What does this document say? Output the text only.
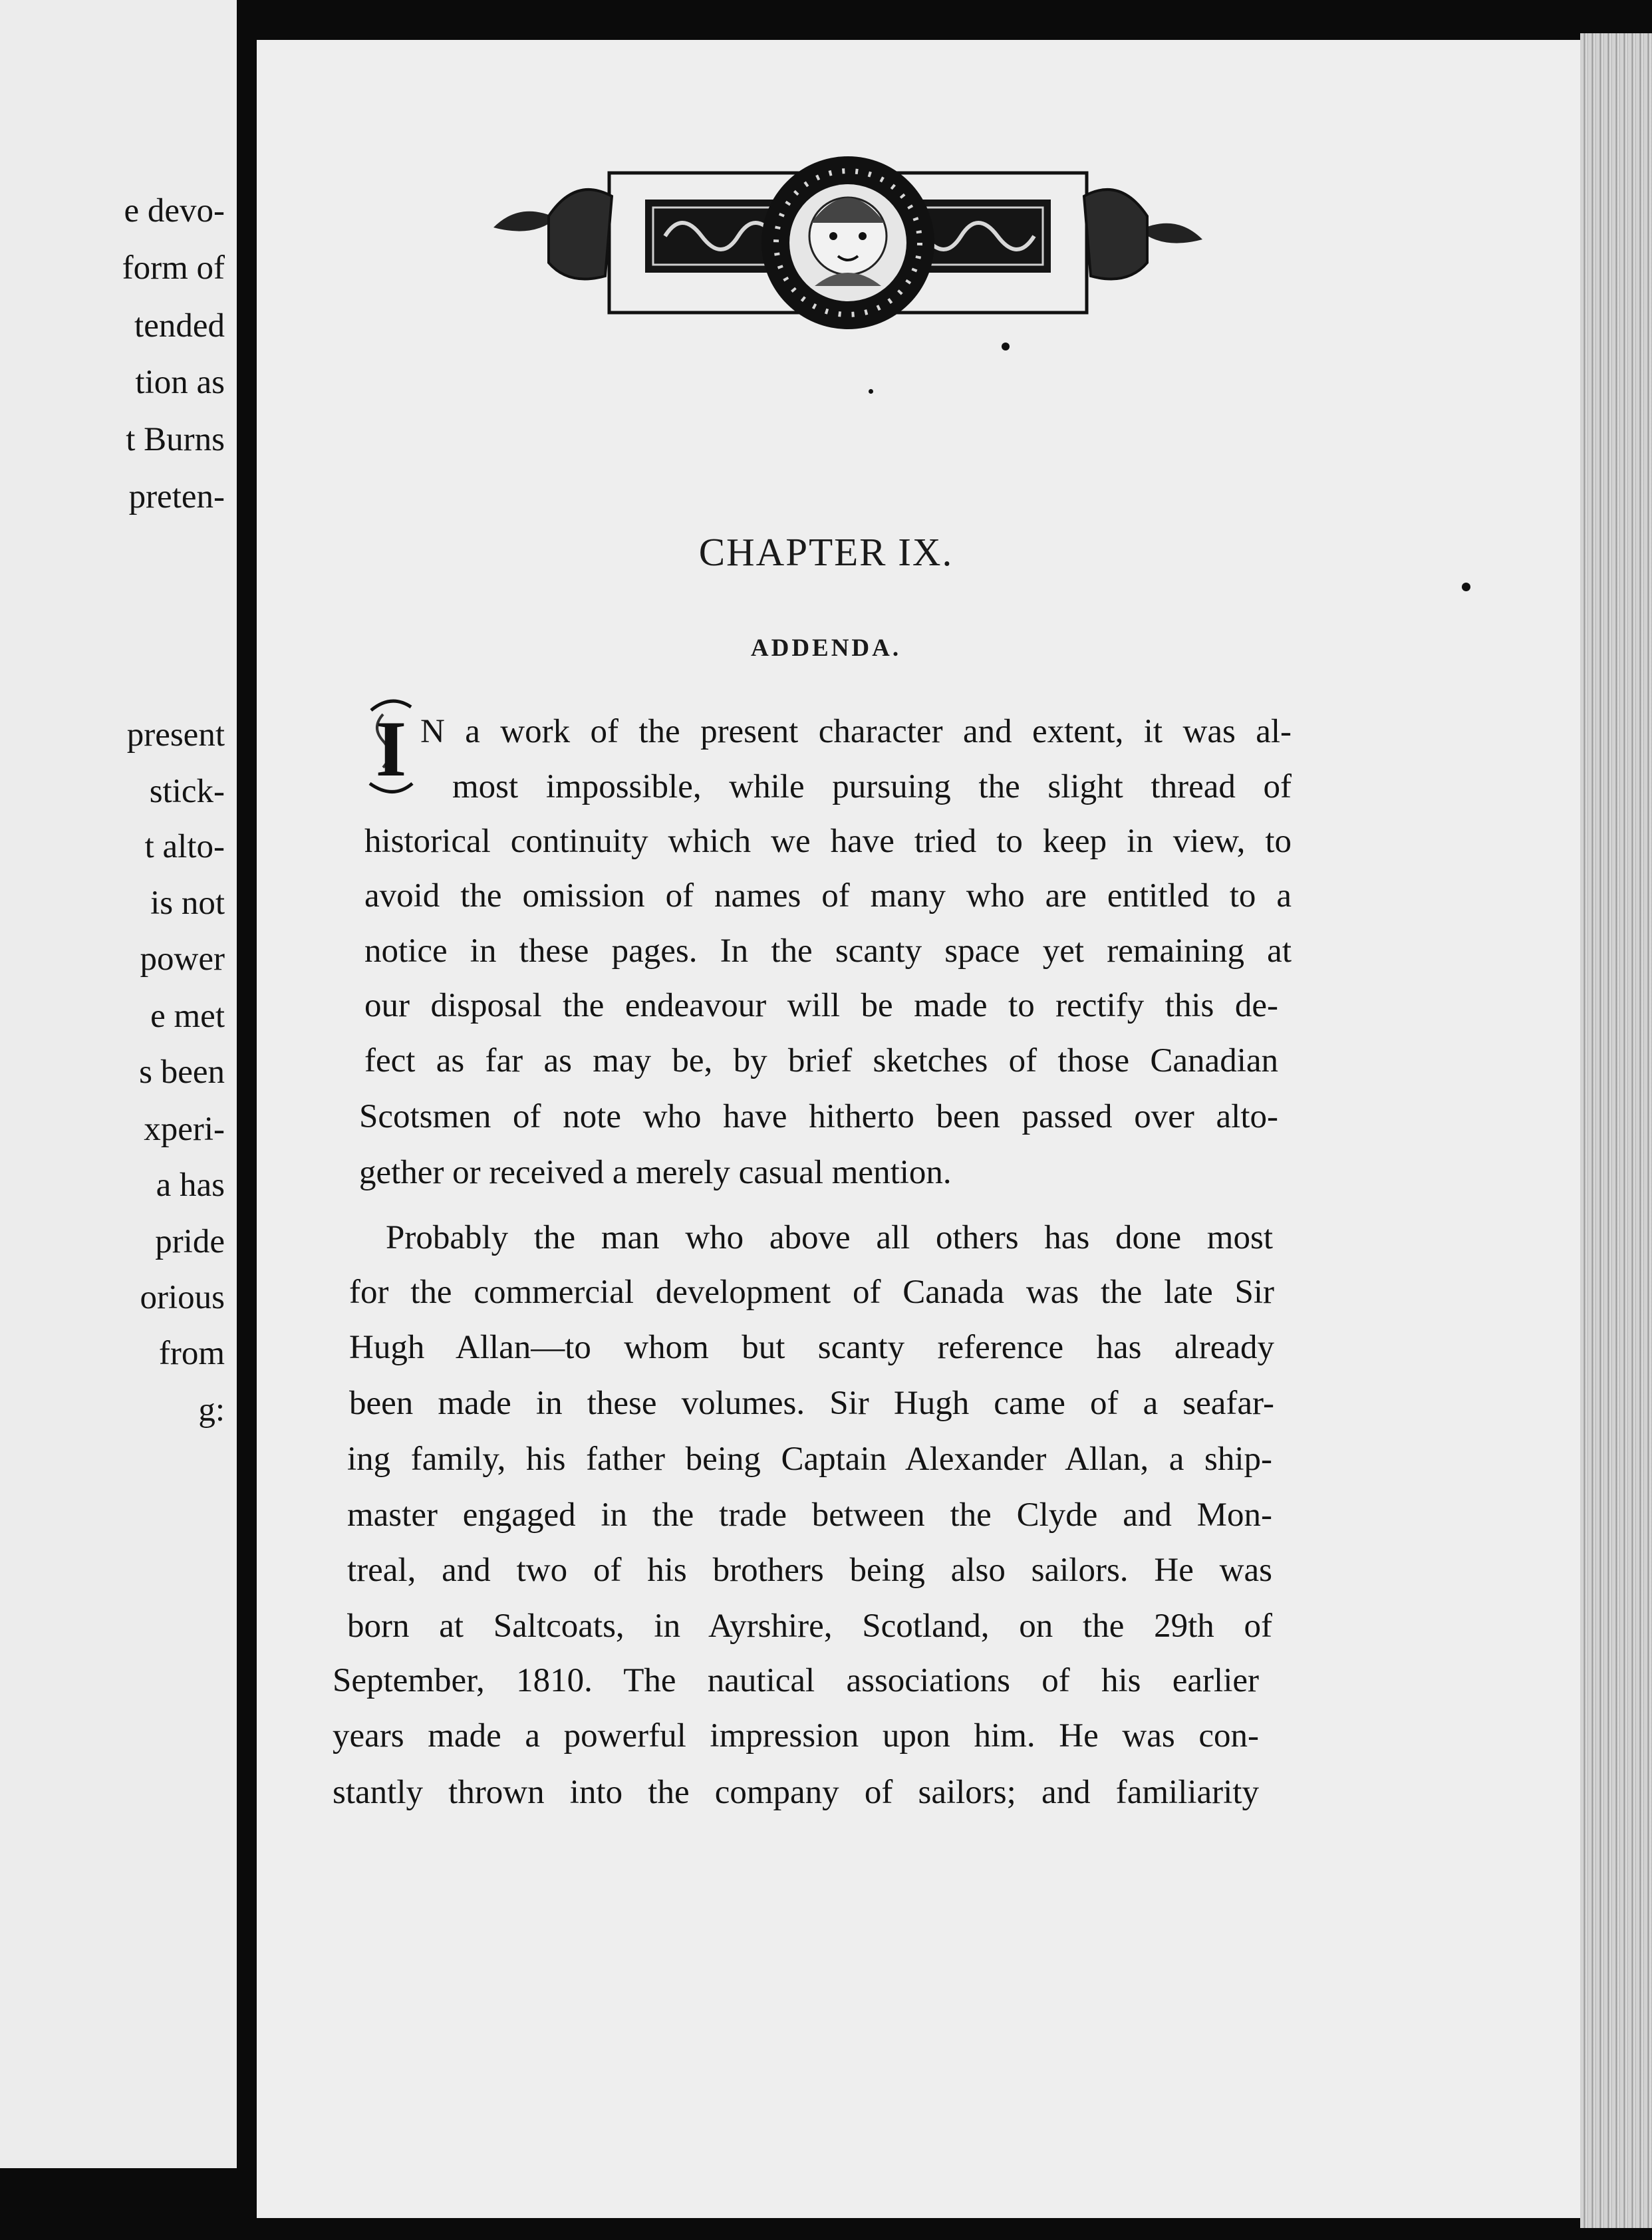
e devo-
form of
tended
tion as
t Burns
preten-
present
stick-
t alto-
is not
power
e met
s been
xperi-
a has
pride
orious
from
g:
CHAPTER IX.
ADDENDA.
I N a work of the present character and extent, it was al-
most impossible, while pursuing the slight thread of
historical continuity which we have tried to keep in view, to
avoid the omission of names of many who are entitled to a
notice in these pages. In the scanty space yet remaining at
our disposal the endeavour will be made to rectify this de-
fect as far as may be, by brief sketches of those Canadian
Scotsmen of note who have hitherto been passed over alto-
gether or received a merely casual mention.
Probably the man who above all others has done most
for the commercial development of Canada was the late Sir
Hugh Allan—to whom but scanty reference has already
been made in these volumes. Sir Hugh came of a seafar-
ing family, his father being Captain Alexander Allan, a ship-
master engaged in the trade between the Clyde and Mon-
treal, and two of his brothers being also sailors. He was
born at Saltcoats, in Ayrshire, Scotland, on the 29th of
September, 1810. The nautical associations of his earlier
years made a powerful impression upon him. He was con-
stantly thrown into the company of sailors; and familiarity
